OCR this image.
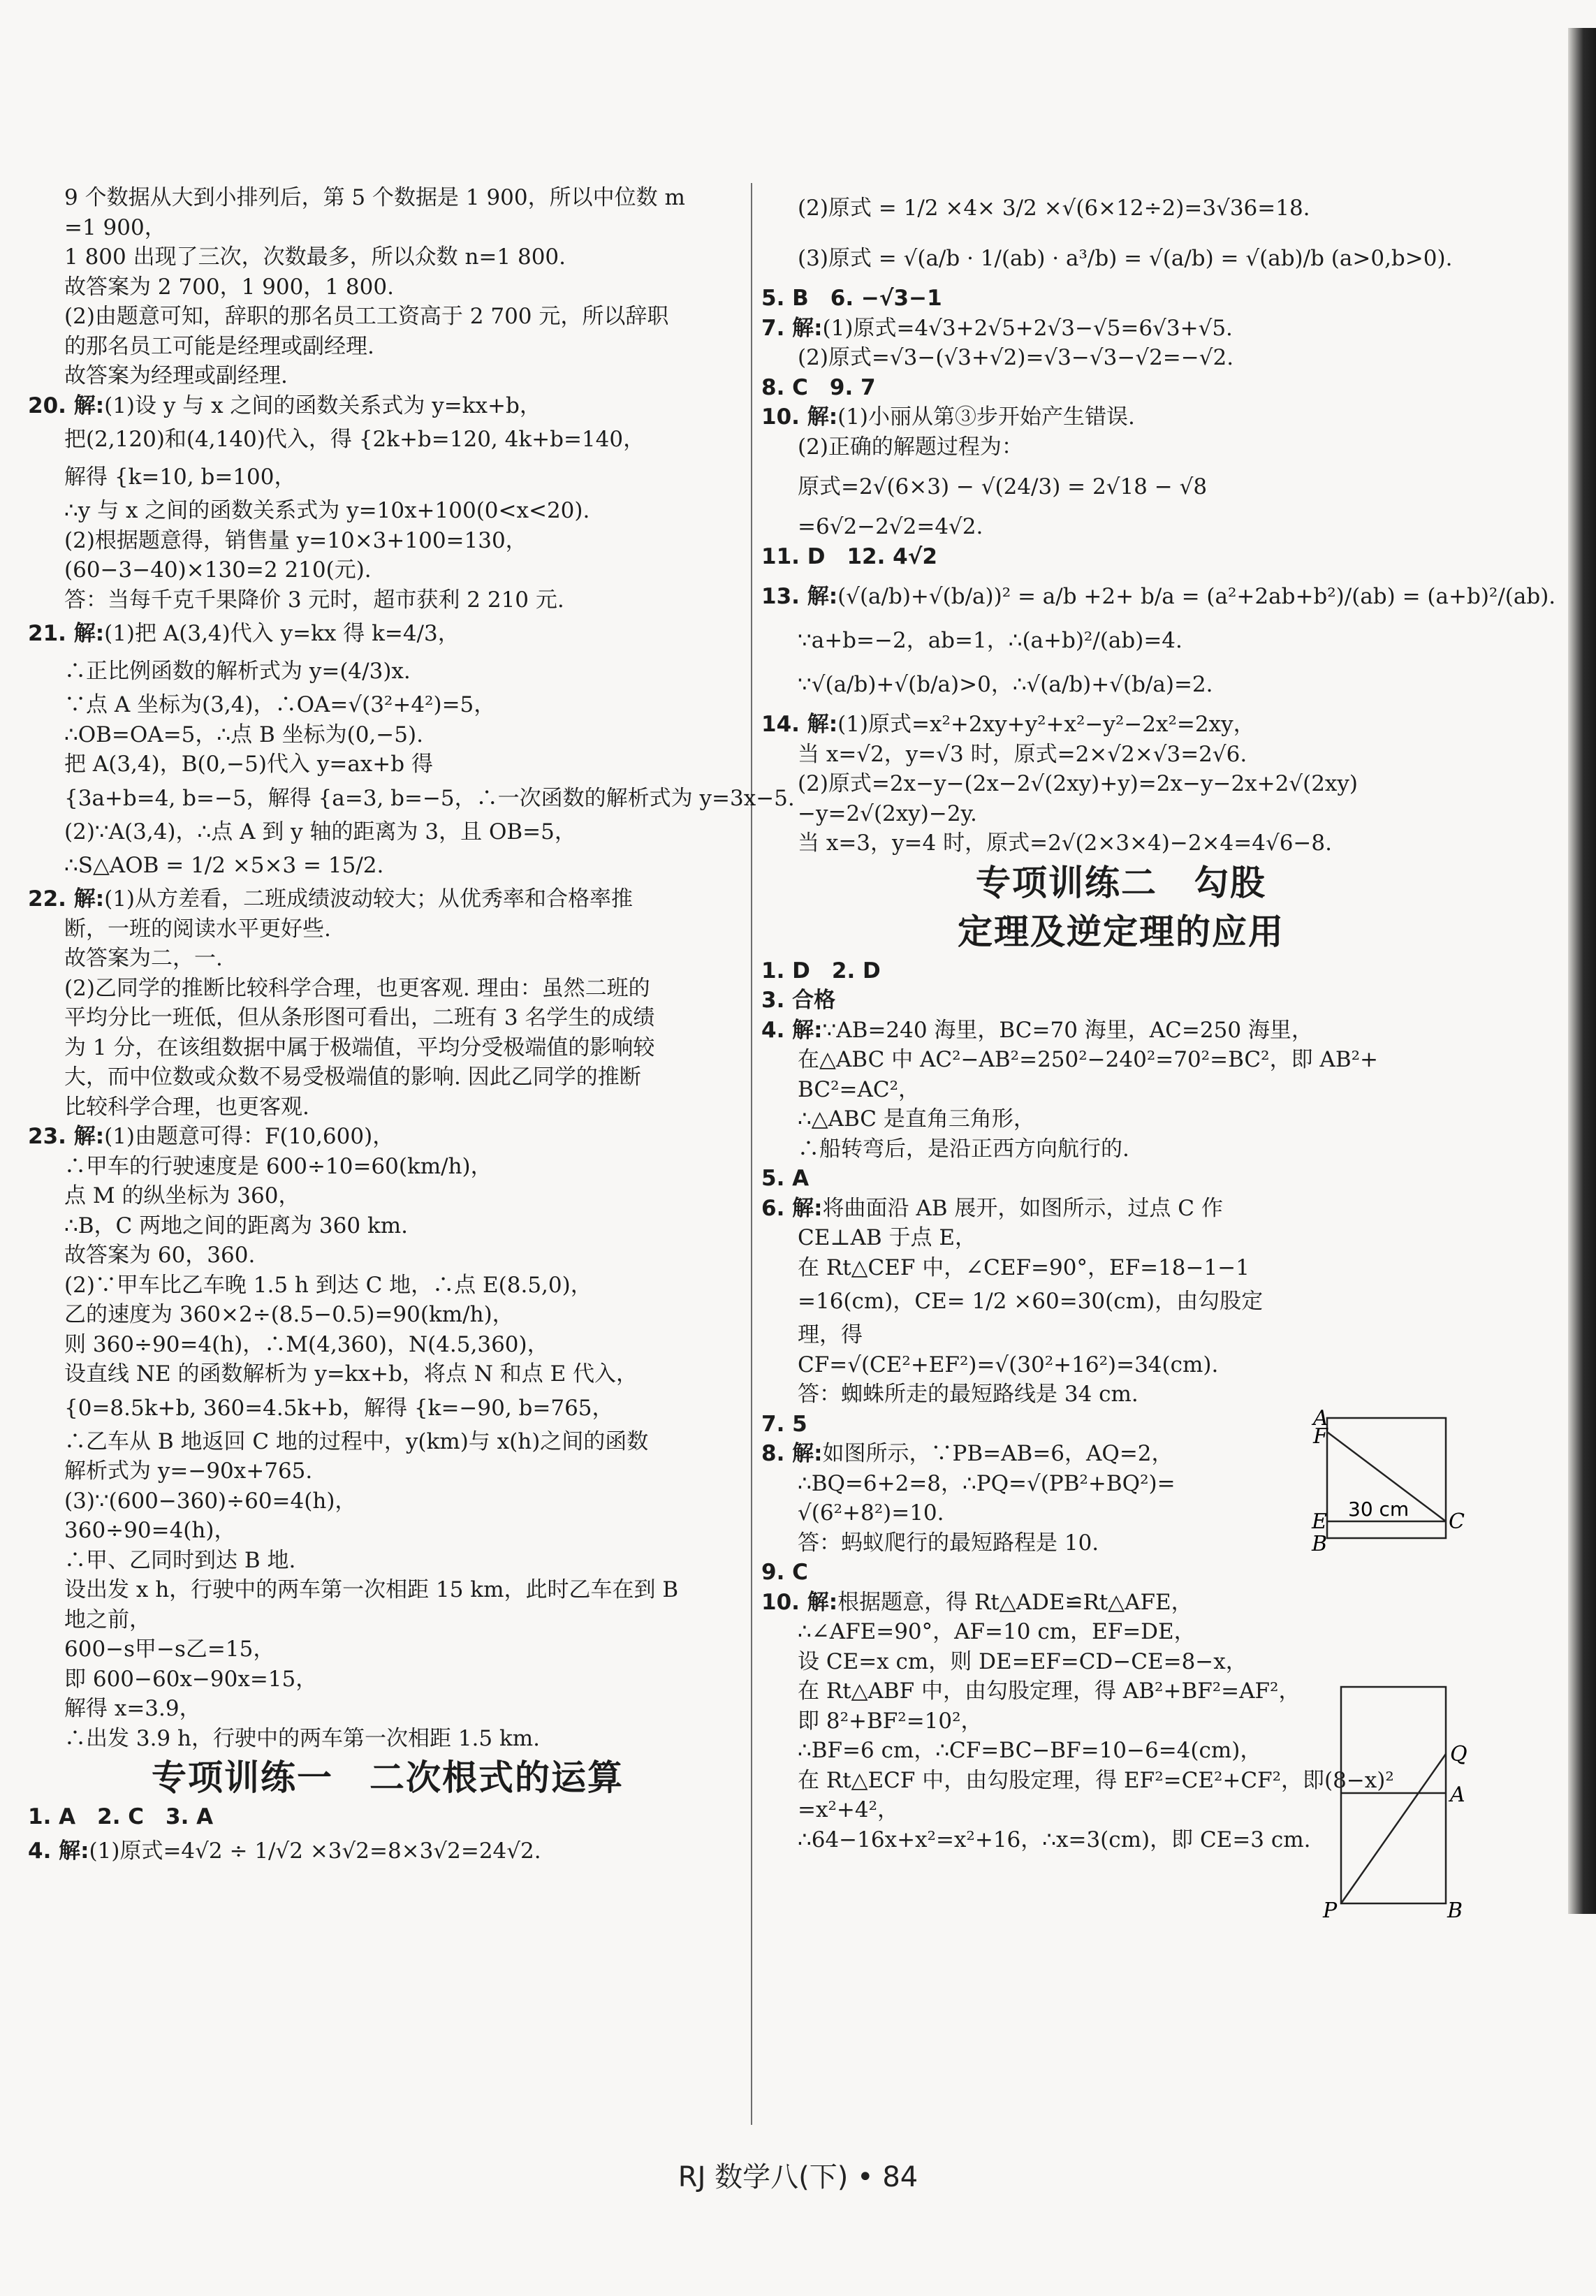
9 个数据从大到小排列后，第 5 个数据是 1 900，所以中位数 m
=1 900，
1 800 出现了三次，次数最多，所以众数 n=1 800.
故答案为 2 700，1 900，1 800.
(2)由题意可知，辞职的那名员工工资高于 2 700 元，所以辞职
的那名员工可能是经理或副经理.
故答案为经理或副经理.
20. 解:(1)设 y 与 x 之间的函数关系式为 y=kx+b，
把(2,120)和(4,140)代入，得 {2k+b=120, 4k+b=140，
解得 {k=10, b=100，
∴y 与 x 之间的函数关系式为 y=10x+100(0<x<20).
(2)根据题意得，销售量 y=10×3+100=130，
(60−3−40)×130=2 210(元).
答：当每千克千果降价 3 元时，超市获利 2 210 元.
21. 解:(1)把 A(3,4)代入 y=kx 得 k=4/3，
∴正比例函数的解析式为 y=(4/3)x.
∵点 A 坐标为(3,4)，∴OA=√(3²+4²)=5，
∴OB=OA=5，∴点 B 坐标为(0,−5).
把 A(3,4)，B(0,−5)代入 y=ax+b 得
{3a+b=4, b=−5，解得 {a=3, b=−5，∴一次函数的解析式为 y=3x−5.
(2)∵A(3,4)，∴点 A 到 y 轴的距离为 3，且 OB=5，
∴S△AOB = 1/2 ×5×3 = 15/2.
22. 解:(1)从方差看，二班成绩波动较大；从优秀率和合格率推
断，一班的阅读水平更好些.
故答案为二，一.
(2)乙同学的推断比较科学合理，也更客观. 理由：虽然二班的
平均分比一班低，但从条形图可看出，二班有 3 名学生的成绩
为 1 分，在该组数据中属于极端值，平均分受极端值的影响较
大，而中位数或众数不易受极端值的影响. 因此乙同学的推断
比较科学合理，也更客观.
23. 解:(1)由题意可得：F(10,600)，
∴甲车的行驶速度是 600÷10=60(km/h)，
点 M 的纵坐标为 360，
∴B，C 两地之间的距离为 360 km.
故答案为 60，360.
(2)∵甲车比乙车晚 1.5 h 到达 C 地，∴点 E(8.5,0)，
乙的速度为 360×2÷(8.5−0.5)=90(km/h)，
则 360÷90=4(h)，∴M(4,360)，N(4.5,360)，
设直线 NE 的函数解析为 y=kx+b，将点 N 和点 E 代入，
{0=8.5k+b, 360=4.5k+b，解得 {k=−90, b=765，
∴乙车从 B 地返回 C 地的过程中，y(km)与 x(h)之间的函数
解析式为 y=−90x+765.
(3)∵(600−360)÷60=4(h)，
360÷90=4(h)，
∴甲、乙同时到达 B 地.
设出发 x h，行驶中的两车第一次相距 15 km，此时乙车在到 B
地之前，
600−s甲−s乙=15，
即 600−60x−90x=15，
解得 x=3.9，
∴出发 3.9 h，行驶中的两车第一次相距 1.5 km.
专项训练一　二次根式的运算
1. A　2. C　3. A
4. 解:(1)原式=4√2 ÷ 1/√2 ×3√2=8×3√2=24√2.
(2)原式 = 1/2 ×4× 3/2 ×√(6×12÷2)=3√36=18.
(3)原式 = √(a/b · 1/(ab) · a³/b) = √(a/b) = √(ab)/b (a>0,b>0).
5. B　6. −√3−1
7. 解:(1)原式=4√3+2√5+2√3−√5=6√3+√5.
(2)原式=√3−(√3+√2)=√3−√3−√2=−√2.
8. C　9. 7
10. 解:(1)小丽从第③步开始产生错误.
(2)正确的解题过程为：
原式=2√(6×3) − √(24/3) = 2√18 − √8
=6√2−2√2=4√2.
11. D　12. 4√2
13. 解:(√(a/b)+√(b/a))² = a/b +2+ b/a = (a²+2ab+b²)/(ab) = (a+b)²/(ab).
∵a+b=−2，ab=1，∴(a+b)²/(ab)=4.
∵√(a/b)+√(b/a)>0，∴√(a/b)+√(b/a)=2.
14. 解:(1)原式=x²+2xy+y²+x²−y²−2x²=2xy，
当 x=√2，y=√3 时，原式=2×√2×√3=2√6.
(2)原式=2x−y−(2x−2√(2xy)+y)=2x−y−2x+2√(2xy)
−y=2√(2xy)−2y.
当 x=3，y=4 时，原式=2√(2×3×4)−2×4=4√6−8.
专项训练二　勾股
定理及逆定理的应用
1. D　2. D
3. 合格
4. 解:∵AB=240 海里，BC=70 海里，AC=250 海里，
在△ABC 中 AC²−AB²=250²−240²=70²=BC²，即 AB²+
BC²=AC²，
∴△ABC 是直角三角形，
∴船转弯后，是沿正西方向航行的.
5. A
6. 解:将曲面沿 AB 展开，如图所示，过点 C 作
CE⊥AB 于点 E，
在 Rt△CEF 中，∠CEF=90°，EF=18−1−1
=16(cm)，CE= 1/2 ×60=30(cm)，由勾股定
理，得
CF=√(CE²+EF²)=√(30²+16²)=34(cm).
答：蜘蛛所走的最短路线是 34 cm.
7. 5
8. 解:如图所示，∵PB=AB=6，AQ=2，
∴BQ=6+2=8，∴PQ=√(PB²+BQ²)=
√(6²+8²)=10.
答：蚂蚁爬行的最短路程是 10.
9. C
10. 解:根据题意，得 Rt△ADE≌Rt△AFE，
∴∠AFE=90°，AF=10 cm，EF=DE，
设 CE=x cm，则 DE=EF=CD−CE=8−x，
在 Rt△ABF 中，由勾股定理，得 AB²+BF²=AF²，
即 8²+BF²=10²，
∴BF=6 cm，∴CF=BC−BF=10−6=4(cm)，
在 Rt△ECF 中，由勾股定理，得 EF²=CE²+CF²，即(8−x)²
=x²+4²，
∴64−16x+x²=x²+16，∴x=3(cm)，即 CE=3 cm.
A
F
E
B
C
30 cm
Q
A
P	B
RJ 数学八(下) • 84
